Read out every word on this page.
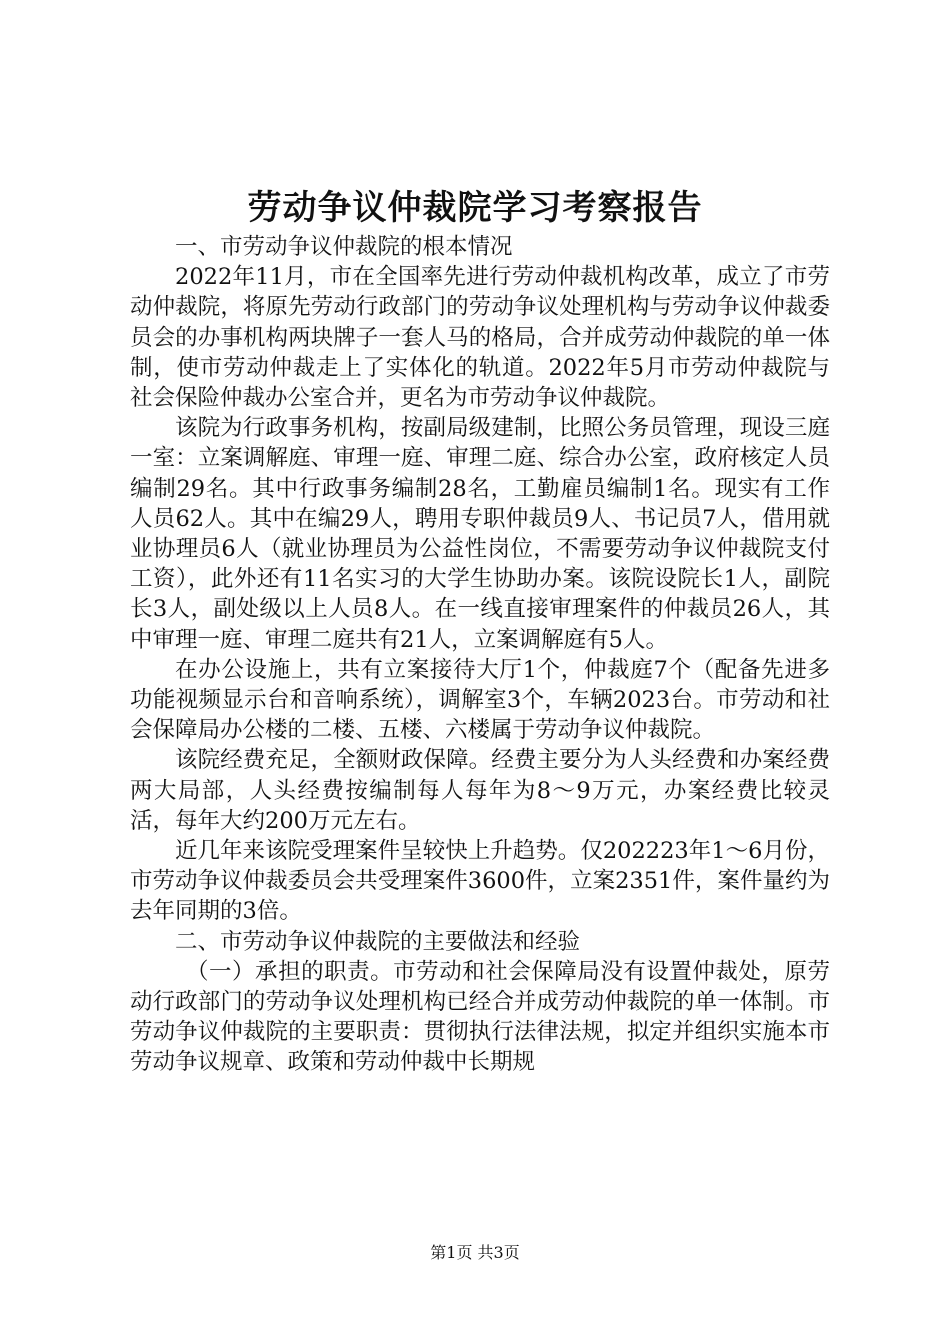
劳动争议仲裁院学习考察报告

一、市劳动争议仲裁院的根本情况

2022年11月，市在全国率先进行劳动仲裁机构改革，成立了市劳动仲裁院，将原先劳动行政部门的劳动争议处理机构与劳动争议仲裁委员会的办事机构两块牌子一套人马的格局，合并成劳动仲裁院的单一体制，使市劳动仲裁走上了实体化的轨道。2022年5月市劳动仲裁院与社会保险仲裁办公室合并，更名为市劳动争议仲裁院。

该院为行政事务机构，按副局级建制，比照公务员管理，现设三庭一室：立案调解庭、审理一庭、审理二庭、综合办公室，政府核定人员编制29名。其中行政事务编制28名，工勤雇员编制1名。现实有工作人员62人。其中在编29人，聘用专职仲裁员9人、书记员7人，借用就业协理员6人（就业协理员为公益性岗位，不需要劳动争议仲裁院支付工资），此外还有11名实习的大学生协助办案。该院设院长1人，副院长3人，副处级以上人员8人。在一线直接审理案件的仲裁员26人，其中审理一庭、审理二庭共有21人，立案调解庭有5人。

在办公设施上，共有立案接待大厅1个，仲裁庭7个（配备先进多功能视频显示台和音响系统），调解室3个，车辆2023台。市劳动和社会保障局办公楼的二楼、五楼、六楼属于劳动争议仲裁院。

该院经费充足，全额财政保障。经费主要分为人头经费和办案经费两大局部，人头经费按编制每人每年为8～9万元，办案经费比较灵活，每年大约200万元左右。

近几年来该院受理案件呈较快上升趋势。仅202223年1～6月份，市劳动争议仲裁委员会共受理案件3600件，立案2351件，案件量约为去年同期的3倍。

二、市劳动争议仲裁院的主要做法和经验

（一）承担的职责。市劳动和社会保障局没有设置仲裁处，原劳动行政部门的劳动争议处理机构已经合并成劳动仲裁院的单一体制。市劳动争议仲裁院的主要职责：贯彻执行法律法规，拟定并组织实施本市劳动争议规章、政策和劳动仲裁中长期规

第1页 共3页
